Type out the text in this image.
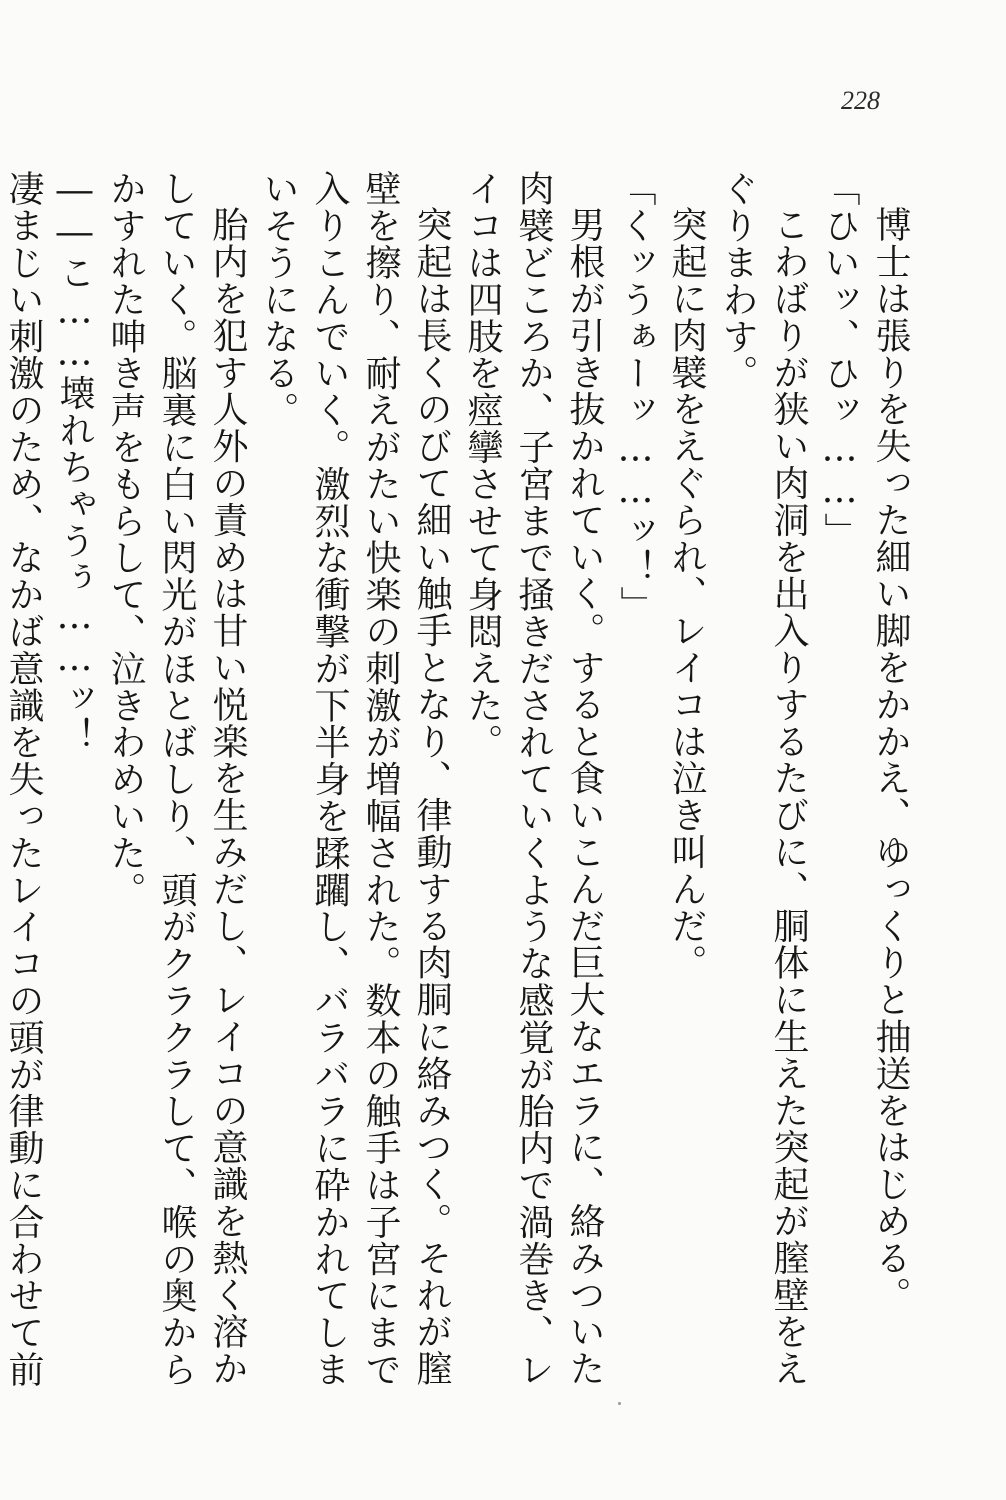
228

博士は張りを失った細い脚をかかえ、ゆっくりと抽送をはじめる。

「ひいッ、ひッ……」

こわばりが狭い肉洞を出入りするたびに、胴体に生えた突起が膣壁をえぐりまわす。

突起に肉襞をえぐられ、レイコは泣き叫んだ。

「くッうぁーッ……ッ！」

男根が引き抜かれていく。すると食いこんだ巨大なエラに、絡みついた肉襞どころか、子宮まで掻きだされていくような感覚が胎内で渦巻き、レイコは四肢を痙攣させて身悶えた。

突起は長くのびて細い触手となり、律動する肉胴に絡みつく。それが膣壁を擦り、耐えがたい快楽の刺激が増幅された。数本の触手は子宮にまで入りこんでいく。激烈な衝撃が下半身を蹂躙し、バラバラに砕かれてしまいそうになる。

胎内を犯す人外の責めは甘い悦楽を生みだし、レイコの意識を熱く溶かしていく。脳裏に白い閃光がほとばしり、頭がクラクラして、喉の奥からかすれた呻き声をもらして、泣きわめいた。

――こ……壊れちゃうぅ……ッ！

凄まじい刺激のため、なかば意識を失ったレイコの頭が律動に合わせて前
